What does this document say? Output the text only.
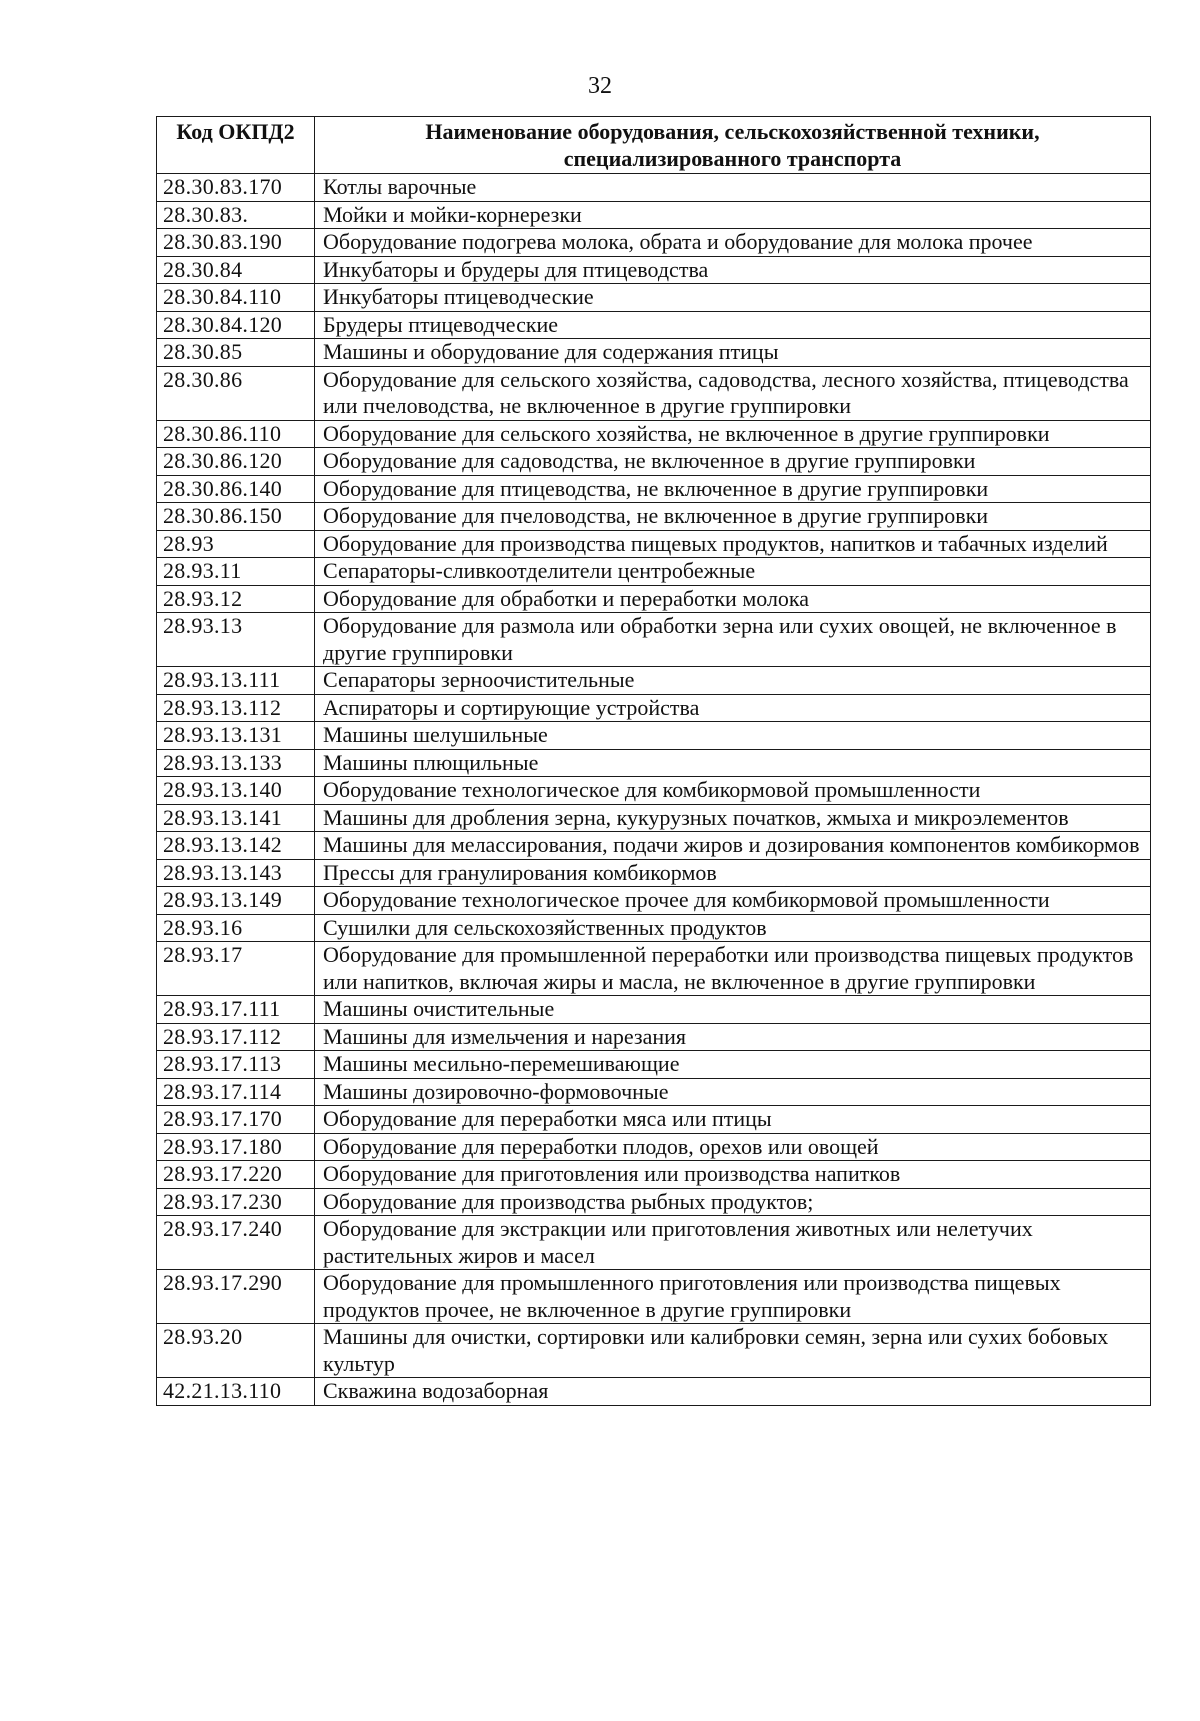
32
Код ОКПД2	Наименование оборудования, сельскохозяйственной техники, специализированного транспорта
28.30.83.170	Котлы варочные
28.30.83.	Мойки и мойки-корнерезки
28.30.83.190	Оборудование подогрева молока, обрата и оборудование для молока прочее
28.30.84	Инкубаторы и брудеры для птицеводства
28.30.84.110	Инкубаторы птицеводческие
28.30.84.120	Брудеры птицеводческие
28.30.85	Машины и оборудование для содержания птицы
28.30.86	Оборудование для сельского хозяйства, садоводства, лесного хозяйства, птицеводства или пчеловодства, не включенное в другие группировки
28.30.86.110	Оборудование для сельского хозяйства, не включенное в другие группировки
28.30.86.120	Оборудование для садоводства, не включенное в другие группировки
28.30.86.140	Оборудование для птицеводства, не включенное в другие группировки
28.30.86.150	Оборудование для пчеловодства, не включенное в другие группировки
28.93	Оборудование для производства пищевых продуктов, напитков и табачных изделий
28.93.11	Сепараторы-сливкоотделители центробежные
28.93.12	Оборудование для обработки и переработки молока
28.93.13	Оборудование для размола или обработки зерна или сухих овощей, не включенное в другие группировки
28.93.13.111	Сепараторы зерноочистительные
28.93.13.112	Аспираторы и сортирующие устройства
28.93.13.131	Машины шелушильные
28.93.13.133	Машины плющильные
28.93.13.140	Оборудование технологическое для комбикормовой промышленности
28.93.13.141	Машины для дробления зерна, кукурузных початков, жмыха и микроэлементов
28.93.13.142	Машины для мелассирования, подачи жиров и дозирования компонентов комбикормов
28.93.13.143	Прессы для гранулирования комбикормов
28.93.13.149	Оборудование технологическое прочее для комбикормовой промышленности
28.93.16	Сушилки для сельскохозяйственных продуктов
28.93.17	Оборудование для промышленной переработки или производства пищевых продуктов или напитков, включая жиры и масла, не включенное в другие группировки
28.93.17.111	Машины очистительные
28.93.17.112	Машины для измельчения и нарезания
28.93.17.113	Машины месильно-перемешивающие
28.93.17.114	Машины дозировочно-формовочные
28.93.17.170	Оборудование для переработки мяса или птицы
28.93.17.180	Оборудование для переработки плодов, орехов или овощей
28.93.17.220	Оборудование для приготовления или производства напитков
28.93.17.230	Оборудование для производства рыбных продуктов;
28.93.17.240	Оборудование для экстракции или приготовления животных или нелетучих растительных жиров и масел
28.93.17.290	Оборудование для промышленного приготовления или производства пищевых продуктов прочее, не включенное в другие группировки
28.93.20	Машины для очистки, сортировки или калибровки семян, зерна или сухих бобовых культур
42.21.13.110	Скважина водозаборная
